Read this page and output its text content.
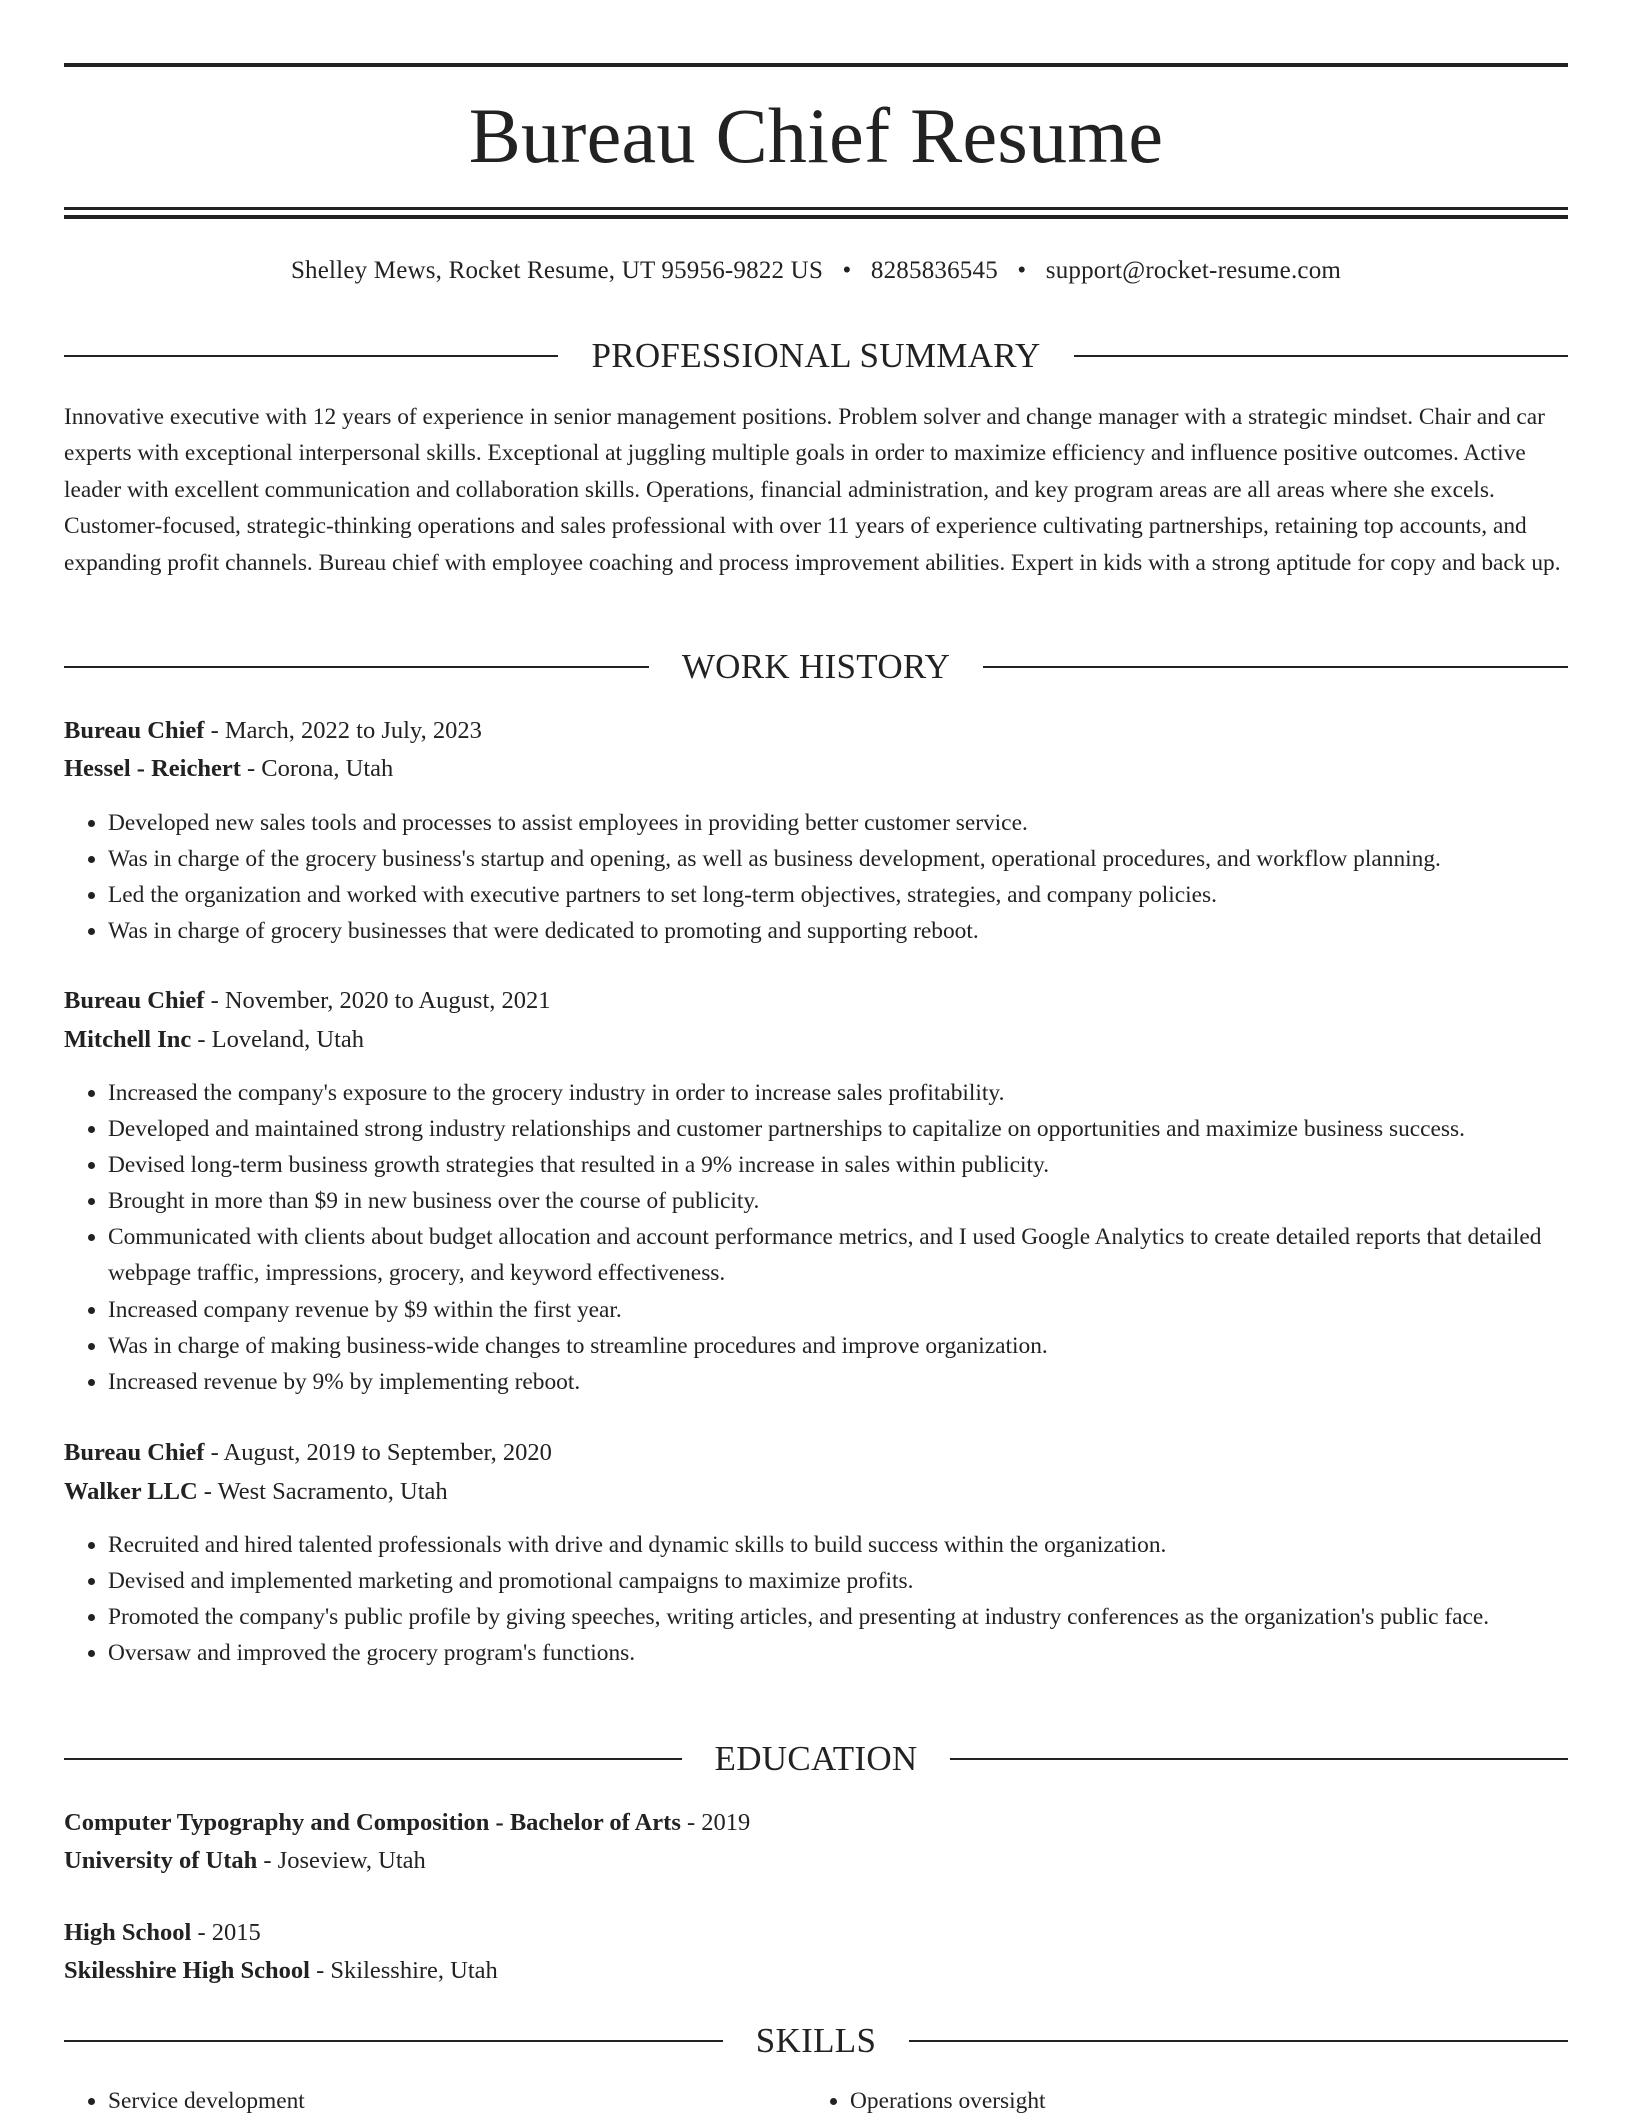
Bureau Chief Resume
Shelley Mews, Rocket Resume, UT 95956-9822 US • 8285836545 • support@rocket-resume.com
PROFESSIONAL SUMMARY

Innovative executive with 12 years of experience in senior management positions. Problem solver and change manager with a strategic mindset. Chair and car experts with exceptional interpersonal skills. Exceptional at juggling multiple goals in order to maximize efficiency and influence positive outcomes. Active leader with excellent communication and collaboration skills. Operations, financial administration, and key program areas are all areas where she excels. Customer-focused, strategic-thinking operations and sales professional with over 11 years of experience cultivating partnerships, retaining top accounts, and expanding profit channels. Bureau chief with employee coaching and process improvement abilities. Expert in kids with a strong aptitude for copy and back up.

WORK HISTORY
Bureau Chief - March, 2022 to July, 2023
Hessel - Reichert - Corona, Utah
• Developed new sales tools and processes to assist employees in providing better customer service.
• Was in charge of the grocery business's startup and opening, as well as business development, operational procedures, and workflow planning.
• Led the organization and worked with executive partners to set long-term objectives, strategies, and company policies.
• Was in charge of grocery businesses that were dedicated to promoting and supporting reboot.
Bureau Chief - November, 2020 to August, 2021
Mitchell Inc - Loveland, Utah
• Increased the company's exposure to the grocery industry in order to increase sales profitability.
• Developed and maintained strong industry relationships and customer partnerships to capitalize on opportunities and maximize business success.
• Devised long-term business growth strategies that resulted in a 9% increase in sales within publicity.
• Brought in more than $9 in new business over the course of publicity.
• Communicated with clients about budget allocation and account performance metrics, and I used Google Analytics to create detailed reports that detailed webpage traffic, impressions, grocery, and keyword effectiveness.
• Increased company revenue by $9 within the first year.
• Was in charge of making business-wide changes to streamline procedures and improve organization.
• Increased revenue by 9% by implementing reboot.
Bureau Chief - August, 2019 to September, 2020
Walker LLC - West Sacramento, Utah
• Recruited and hired talented professionals with drive and dynamic skills to build success within the organization.
• Devised and implemented marketing and promotional campaigns to maximize profits.
• Promoted the company's public profile by giving speeches, writing articles, and presenting at industry conferences as the organization's public face.
• Oversaw and improved the grocery program's functions.
EDUCATION
Computer Typography and Composition - Bachelor of Arts - 2019
University of Utah - Joseview, Utah
High School - 2015
Skilesshire High School - Skilesshire, Utah
SKILLS
• Service development
•	Operations oversight
